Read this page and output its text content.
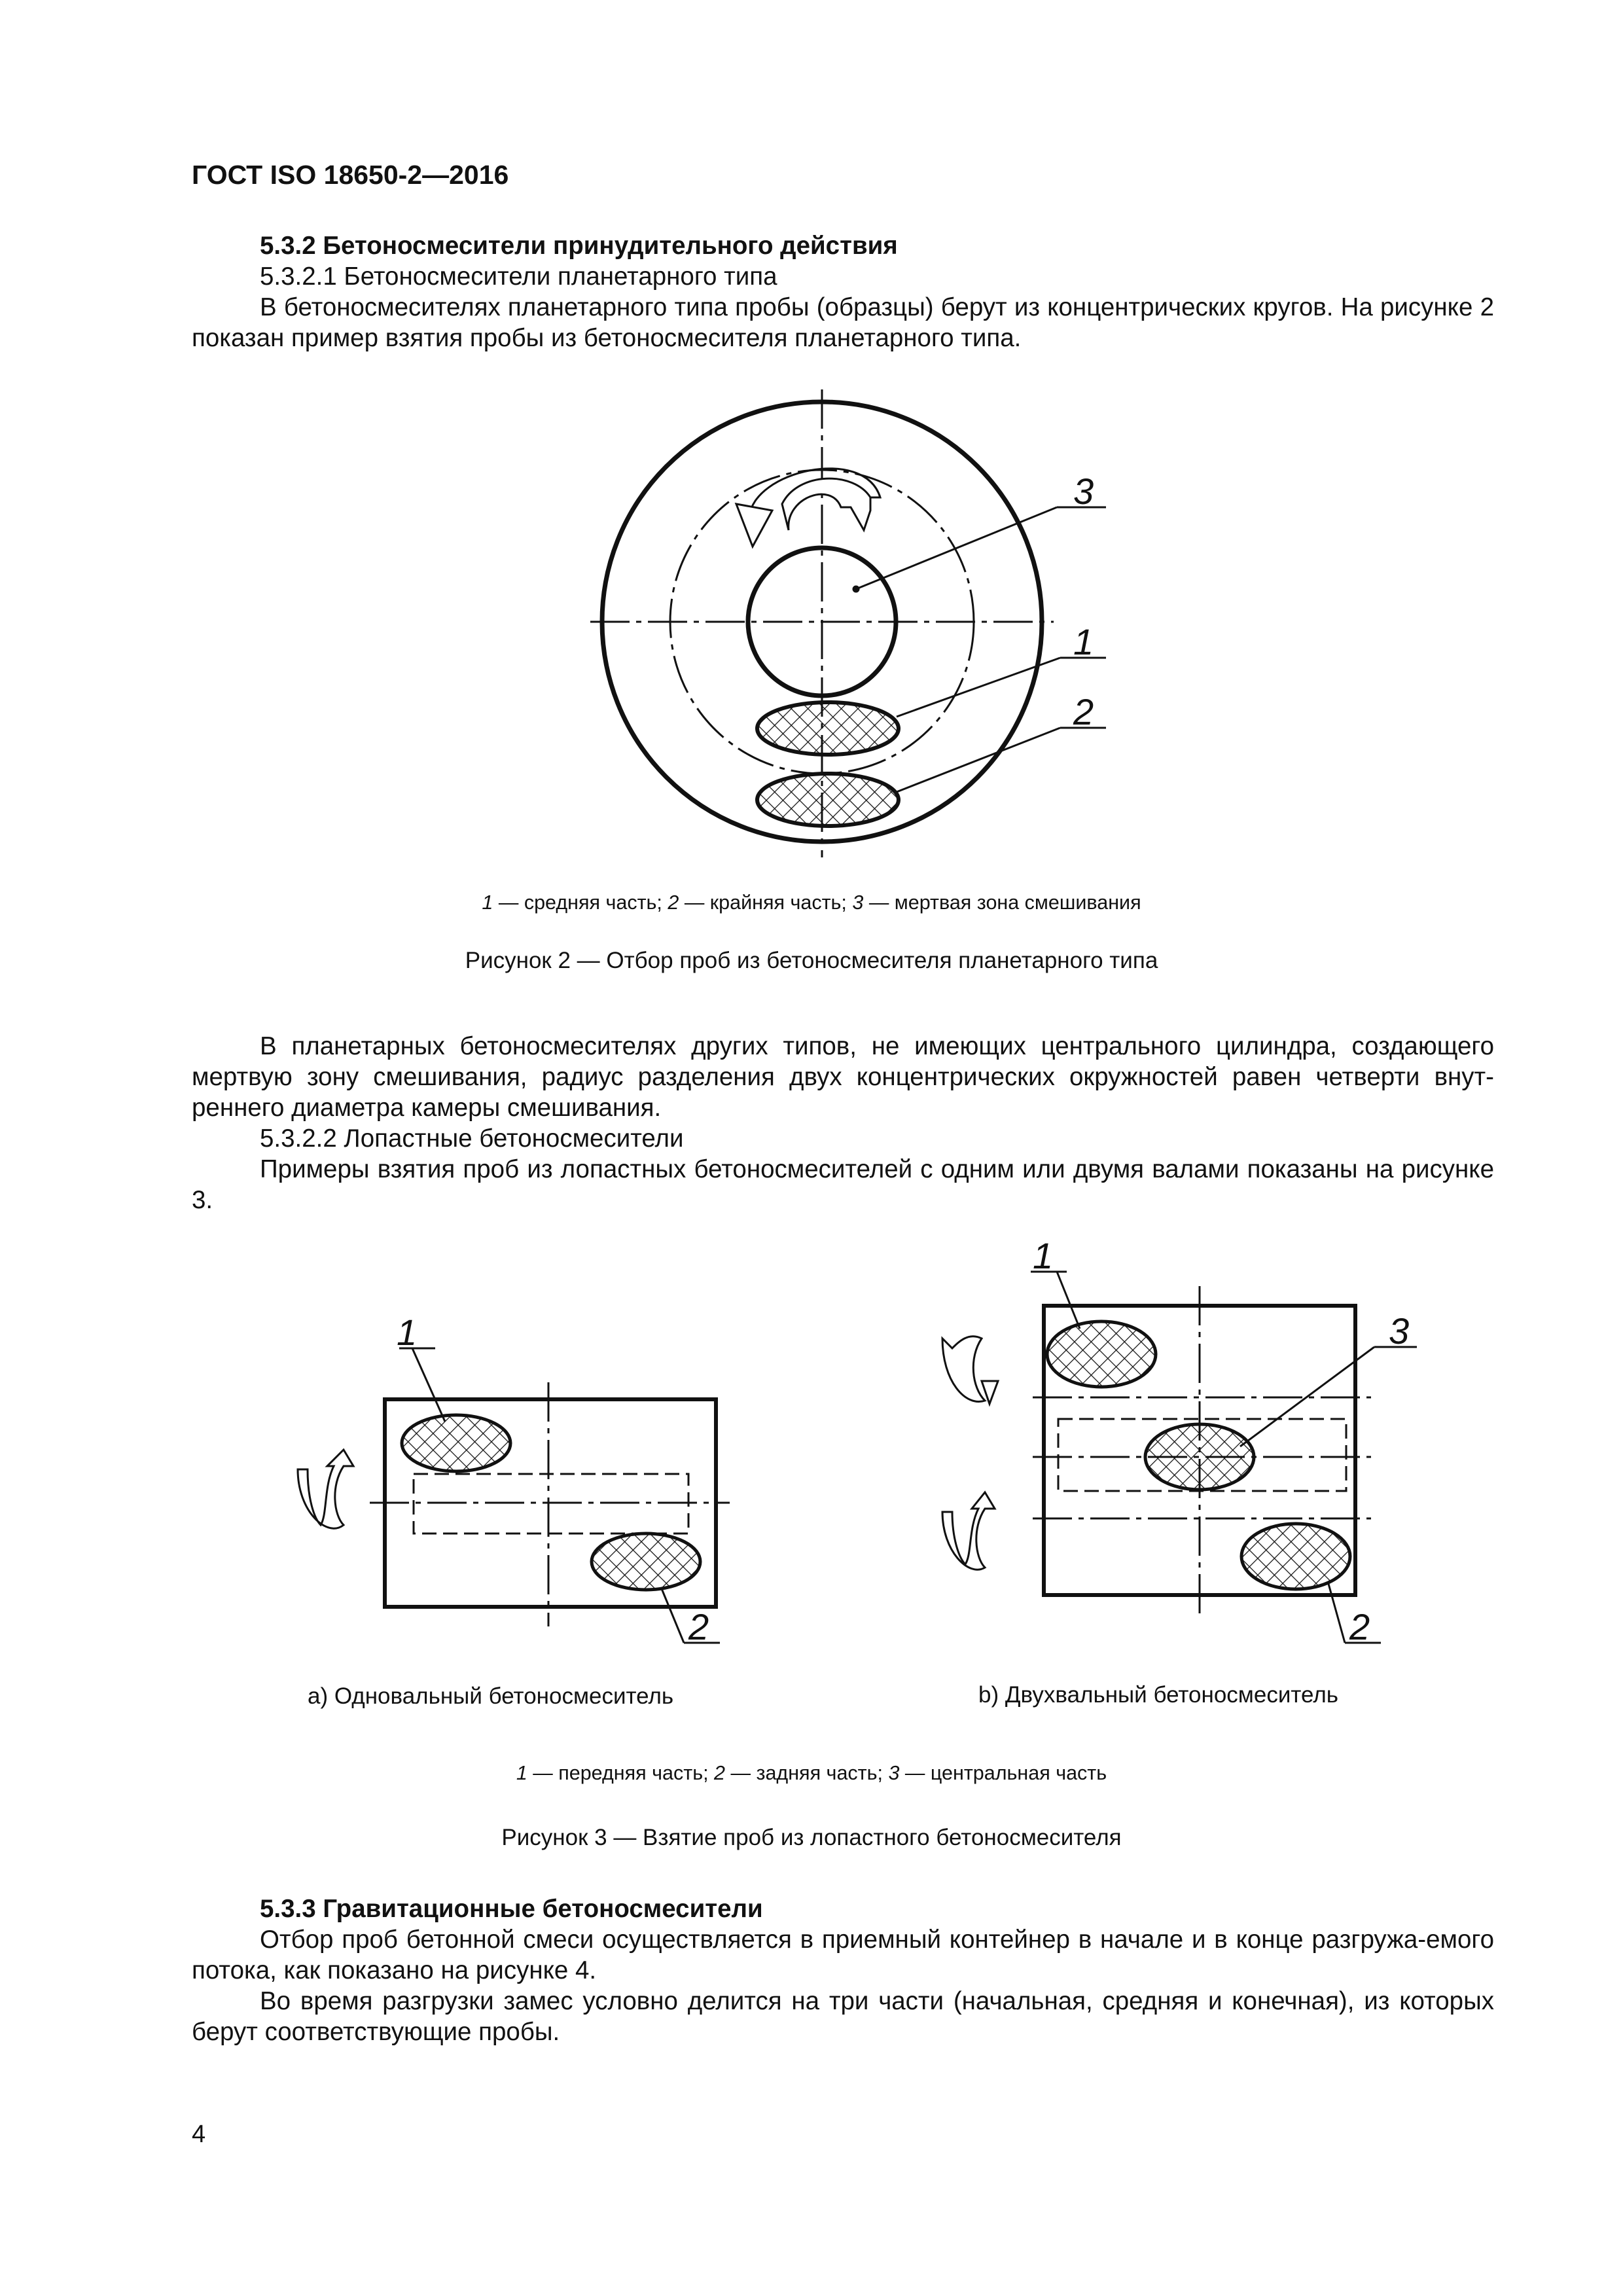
ГОСТ ISO 18650-2—2016
5.3.2 Бетоносмесители принудительного действия
5.3.2.1 Бетоносмесители планетарного типа
В бетоносмесителях планетарного типа пробы (образцы) берут из концентрических кругов. На рисунке 2 показан пример взятия пробы из бетоносмесителя планетарного типа.
3
1
2
1
2
1
3
2
1 — средняя часть; 2 — крайняя часть; 3 — мертвая зона смешивания
Рисунок 2 — Отбор проб из бетоносмесителя планетарного типа
В планетарных бетоносмесителях других типов, не имеющих центрального цилиндра, создающего мертвую зону смешивания, радиус разделения двух концентрических окружностей равен четверти внут-реннего диаметра камеры смешивания.
5.3.2.2 Лопастные бетоносмесители
Примеры взятия проб из лопастных бетоносмесителей с одним или двумя валами показаны на рисунке 3.
а) Одновальный бетоносмеситель	b) Двухвальный бетоносмеситель
1 — передняя часть; 2 — задняя часть; 3 — центральная часть
Рисунок 3 — Взятие проб из лопастного бетоносмесителя
5.3.3 Гравитационные бетоносмесители
Отбор проб бетонной смеси осуществляется в приемный контейнер в начале и в конце разгружа-емого потока, как показано на рисунке 4.
Во время разгрузки замес условно делится на три части (начальная, средняя и конечная), из которых берут соответствующие пробы.
4
